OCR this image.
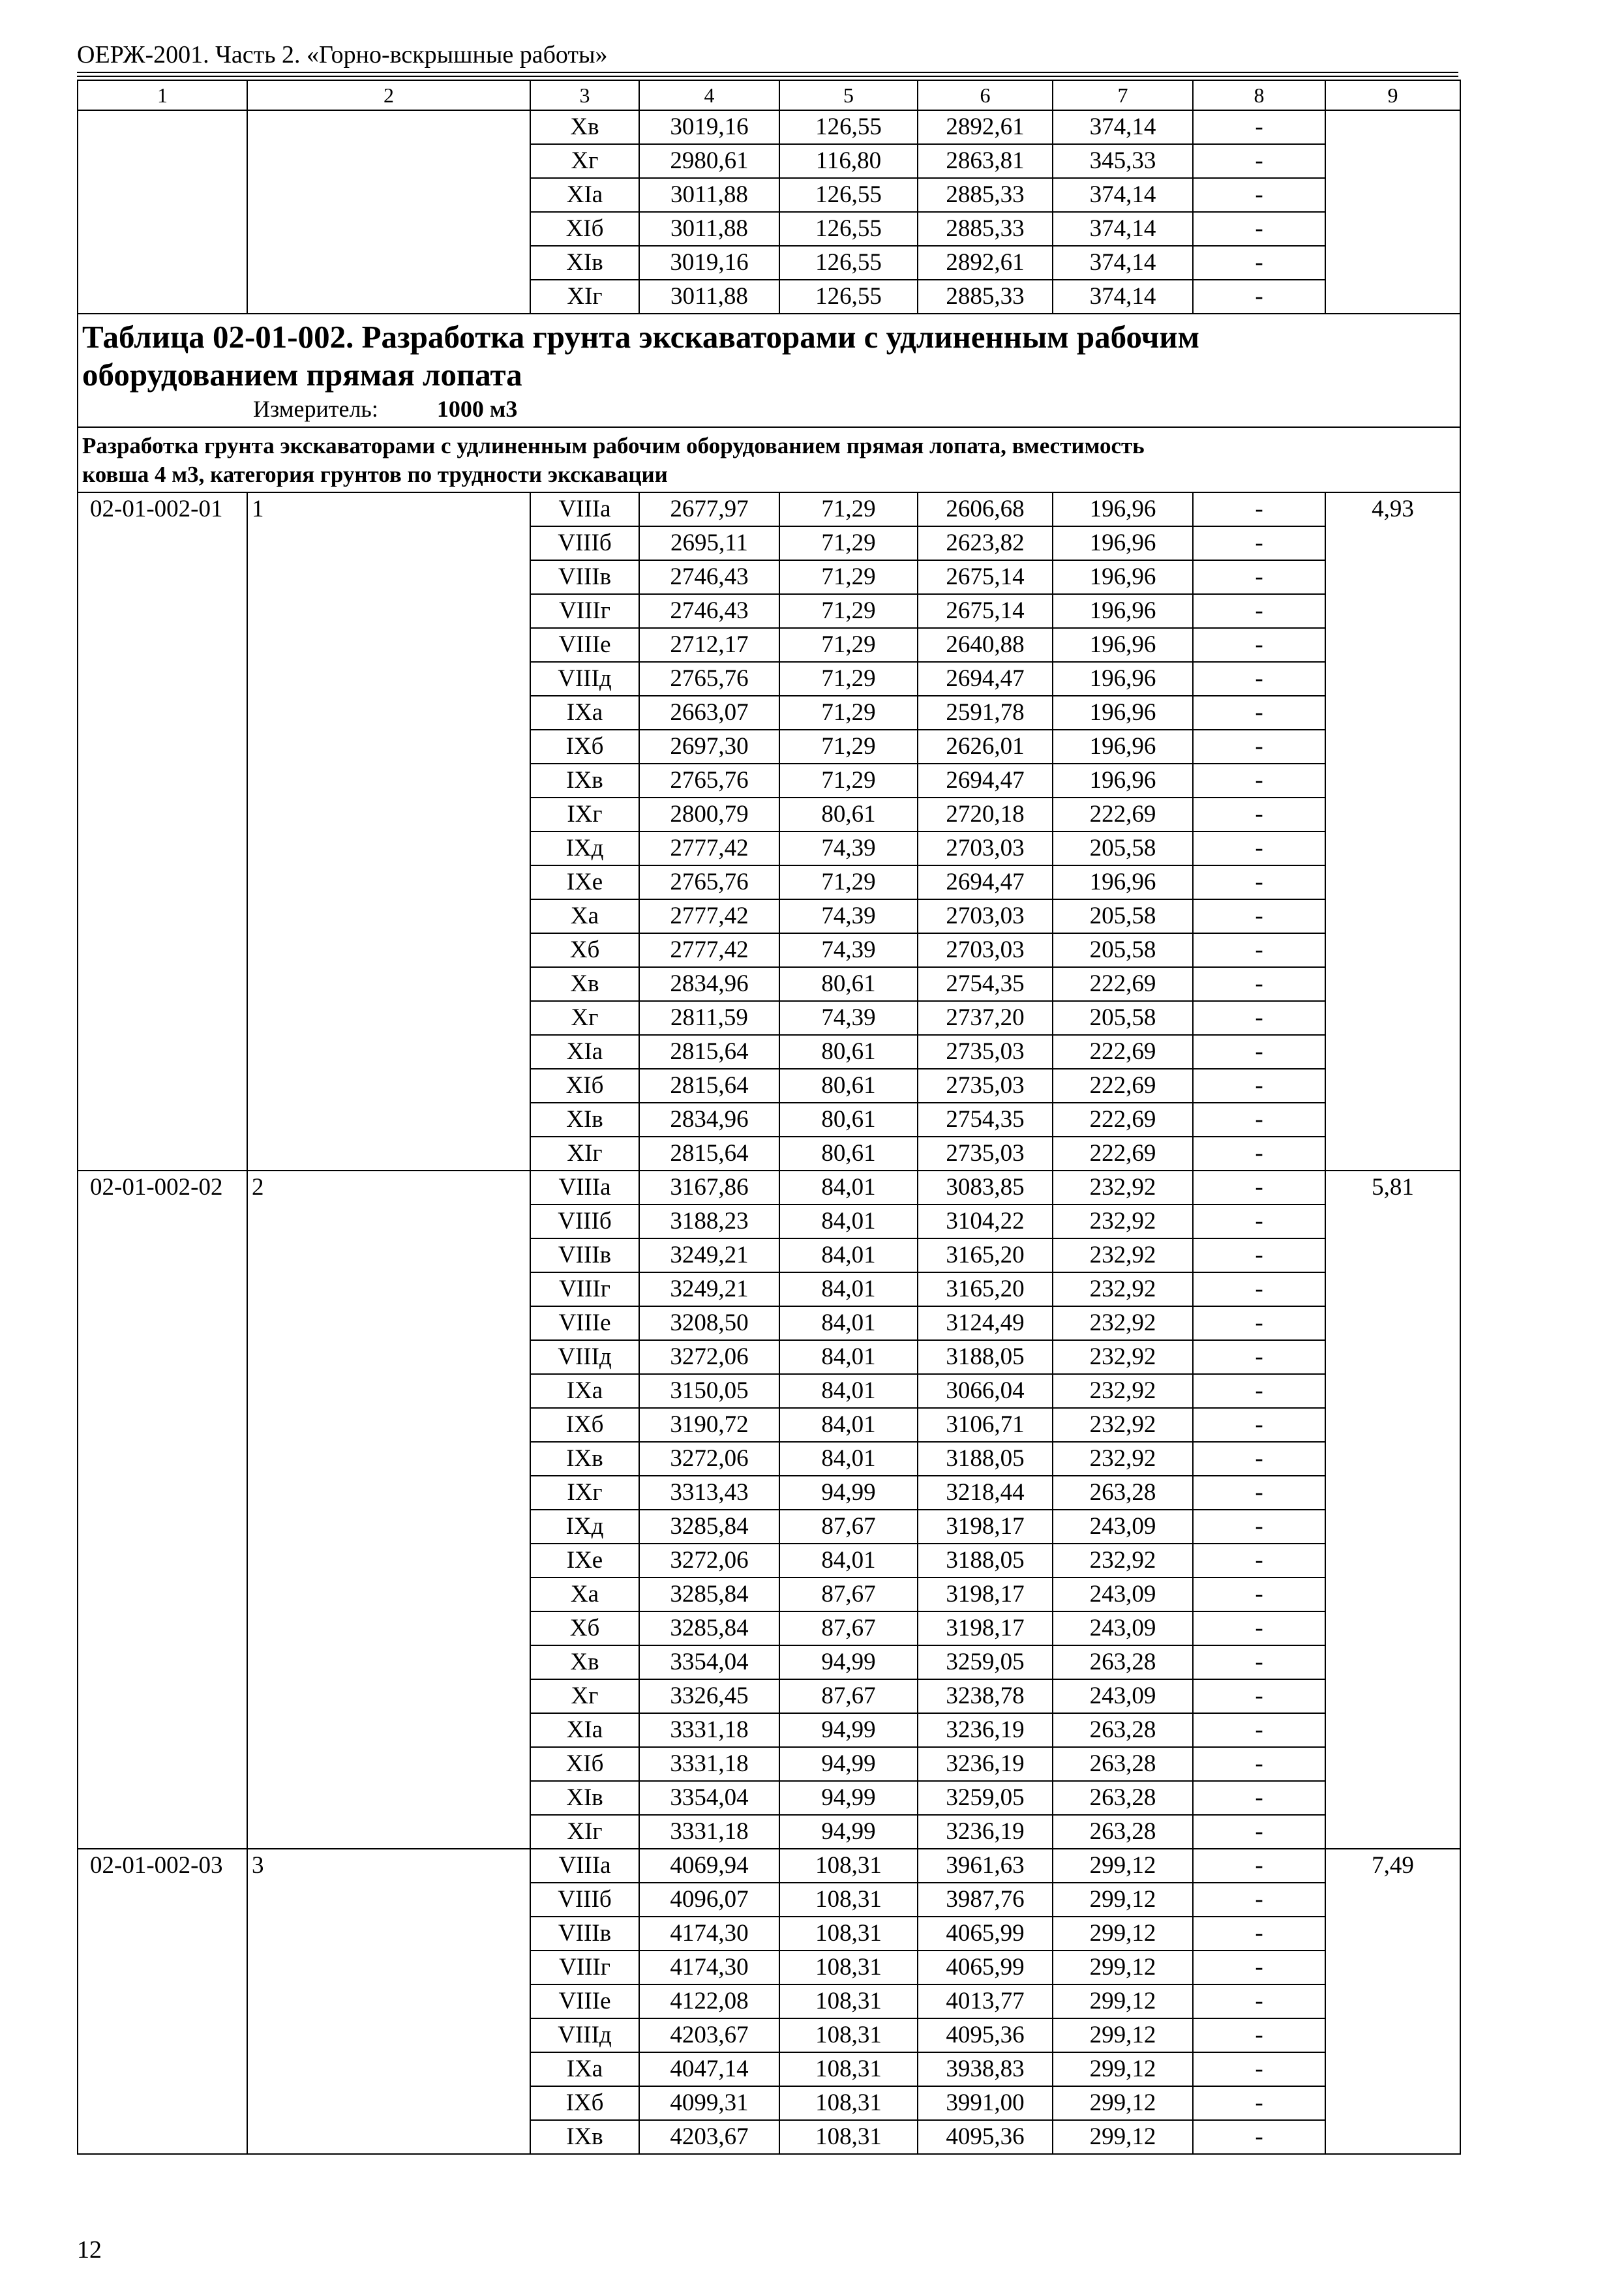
ОЕРЖ-2001. Часть 2. «Горно-вскрышные работы»
1	2	3	4	5	6	7	8	9
		Хв	3019,16	126,55	2892,61	374,14	-	
		Хг	2980,61	116,80	2863,81	345,33	-	
		ХIа	3011,88	126,55	2885,33	374,14	-	
		ХIб	3011,88	126,55	2885,33	374,14	-	
		ХIв	3019,16	126,55	2892,61	374,14	-	
		ХIг	3011,88	126,55	2885,33	374,14	-	

Таблица 02-01-002. Разработка грунта экскаваторами с удлиненным рабочим
оборудованием прямая лопата
Измеритель: 1000 м3								

Разработка грунта экскаваторами с удлиненным рабочим оборудованием прямая лопата, вместимость
ковша 4 м3, категория грунтов по трудности экскавации								

02-01-002-01	1	VIIIа	2677,97	71,29	2606,68	196,96	-	4,93
		VIIIб	2695,11	71,29	2623,82	196,96	-	
		VIIIв	2746,43	71,29	2675,14	196,96	-	
		VIIIг	2746,43	71,29	2675,14	196,96	-	
		VIIIе	2712,17	71,29	2640,88	196,96	-	
		VIIIд	2765,76	71,29	2694,47	196,96	-	
		IХа	2663,07	71,29	2591,78	196,96	-	
		IХб	2697,30	71,29	2626,01	196,96	-	
		IХв	2765,76	71,29	2694,47	196,96	-	
		IХг	2800,79	80,61	2720,18	222,69	-	
		IХд	2777,42	74,39	2703,03	205,58	-	
		IХе	2765,76	71,29	2694,47	196,96	-	
		Ха	2777,42	74,39	2703,03	205,58	-	
		Хб	2777,42	74,39	2703,03	205,58	-	
		Хв	2834,96	80,61	2754,35	222,69	-	
		Хг	2811,59	74,39	2737,20	205,58	-	
		ХIа	2815,64	80,61	2735,03	222,69	-	
		ХIб	2815,64	80,61	2735,03	222,69	-	
		ХIв	2834,96	80,61	2754,35	222,69	-	
		ХIг	2815,64	80,61	2735,03	222,69	-	
02-01-002-02	2	VIIIа	3167,86	84,01	3083,85	232,92	-	5,81
		VIIIб	3188,23	84,01	3104,22	232,92	-	
		VIIIв	3249,21	84,01	3165,20	232,92	-	
		VIIIг	3249,21	84,01	3165,20	232,92	-	
		VIIIе	3208,50	84,01	3124,49	232,92	-	
		VIIIд	3272,06	84,01	3188,05	232,92	-	
		IХа	3150,05	84,01	3066,04	232,92	-	
		IХб	3190,72	84,01	3106,71	232,92	-	
		IХв	3272,06	84,01	3188,05	232,92	-	
		IХг	3313,43	94,99	3218,44	263,28	-	
		IХд	3285,84	87,67	3198,17	243,09	-	
		IХе	3272,06	84,01	3188,05	232,92	-	
		Ха	3285,84	87,67	3198,17	243,09	-	
		Хб	3285,84	87,67	3198,17	243,09	-	
		Хв	3354,04	94,99	3259,05	263,28	-	
		Хг	3326,45	87,67	3238,78	243,09	-	
		ХIа	3331,18	94,99	3236,19	263,28	-	
		ХIб	3331,18	94,99	3236,19	263,28	-	
		ХIв	3354,04	94,99	3259,05	263,28	-	
		ХIг	3331,18	94,99	3236,19	263,28	-	
02-01-002-03	3	VIIIа	4069,94	108,31	3961,63	299,12	-	7,49
		VIIIб	4096,07	108,31	3987,76	299,12	-	
		VIIIв	4174,30	108,31	4065,99	299,12	-	
		VIIIг	4174,30	108,31	4065,99	299,12	-	
		VIIIе	4122,08	108,31	4013,77	299,12	-	
		VIIIд	4203,67	108,31	4095,36	299,12	-	
		IХа	4047,14	108,31	3938,83	299,12	-	
		IХб	4099,31	108,31	3991,00	299,12	-	
		IХв	4203,67	108,31	4095,36	299,12	-	
12
